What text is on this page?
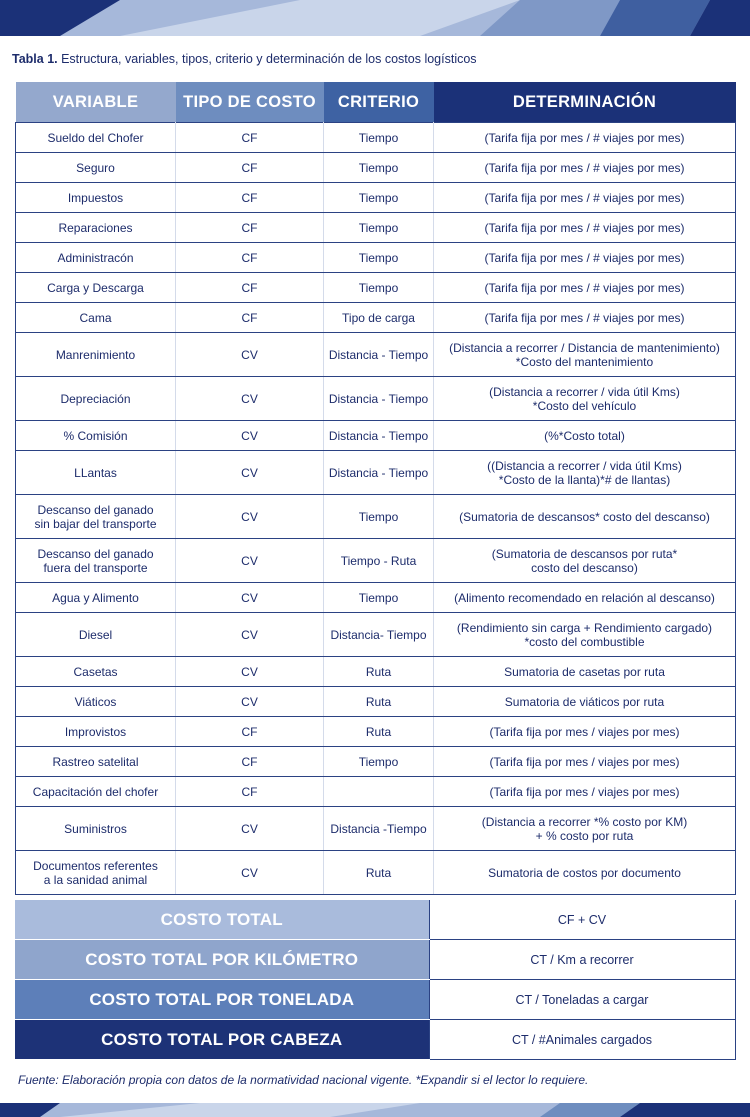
Tabla 1. Estructura, variables, tipos, criterio y determinación de los costos logísticos
VARIABLE	TIPO DE COSTO	CRITERIO	DETERMINACIÓN

Sueldo del Chofer	CF	Tiempo	(Tarifa fija por mes / # viajes por mes)

Seguro	CF	Tiempo	(Tarifa fija por mes / # viajes por mes)

Impuestos	CF	Tiempo	(Tarifa fija por mes / # viajes por mes)

Reparaciones	CF	Tiempo	(Tarifa fija por mes / # viajes por mes)

Administracón	CF	Tiempo	(Tarifa fija por mes / # viajes por mes)

Carga y Descarga	CF	Tiempo	(Tarifa fija por mes / # viajes por mes)

Cama	CF	Tipo de carga	(Tarifa fija por mes / # viajes por mes)

Manrenimiento	CV	Distancia - Tiempo	(Distancia a recorrer / Distancia de mantenimiento)
*Costo del mantenimiento

Depreciación	CV	Distancia - Tiempo	(Distancia a recorrer / vida útil Kms)
*Costo del vehículo

% Comisión	CV	Distancia - Tiempo	(%*Costo total)

LLantas	CV	Distancia - Tiempo	((Distancia a recorrer / vida útil Kms)
*Costo de la llanta)*# de llantas)

Descanso del ganado
sin bajar del transporte	CV	Tiempo	(Sumatoria de descansos* costo del descanso)

Descanso del ganado
fuera del transporte	CV	Tiempo - Ruta	(Sumatoria de descansos por ruta*
costo del descanso)

Agua y Alimento	CV	Tiempo	(Alimento recomendado en relación al descanso)

Diesel	CV	Distancia- Tiempo	(Rendimiento sin carga + Rendimiento cargado)
*costo del combustible

Casetas	CV	Ruta	Sumatoria de casetas por ruta

Viáticos	CV	Ruta	Sumatoria de viáticos por ruta

Improvistos	CF	Ruta	(Tarifa fija por mes / viajes por mes)

Rastreo satelital	CF	Tiempo	(Tarifa fija por mes / viajes por mes)

Capacitación del chofer	CF		(Tarifa fija por mes / viajes por mes)

Suministros	CV	Distancia -Tiempo	(Distancia a recorrer *% costo por KM)
+ % costo por ruta

Documentos referentes
a la sanidad animal	CV	Ruta	Sumatoria de costos por documento
COSTO TOTAL	CF + CV
COSTO TOTAL POR KILÓMETRO	CT / Km a recorrer
COSTO TOTAL POR TONELADA	CT / Toneladas a cargar
COSTO TOTAL POR CABEZA	CT / #Animales cargados
Fuente: Elaboración propia con datos de la normatividad nacional vigente. *Expandir si el lector lo requiere.
